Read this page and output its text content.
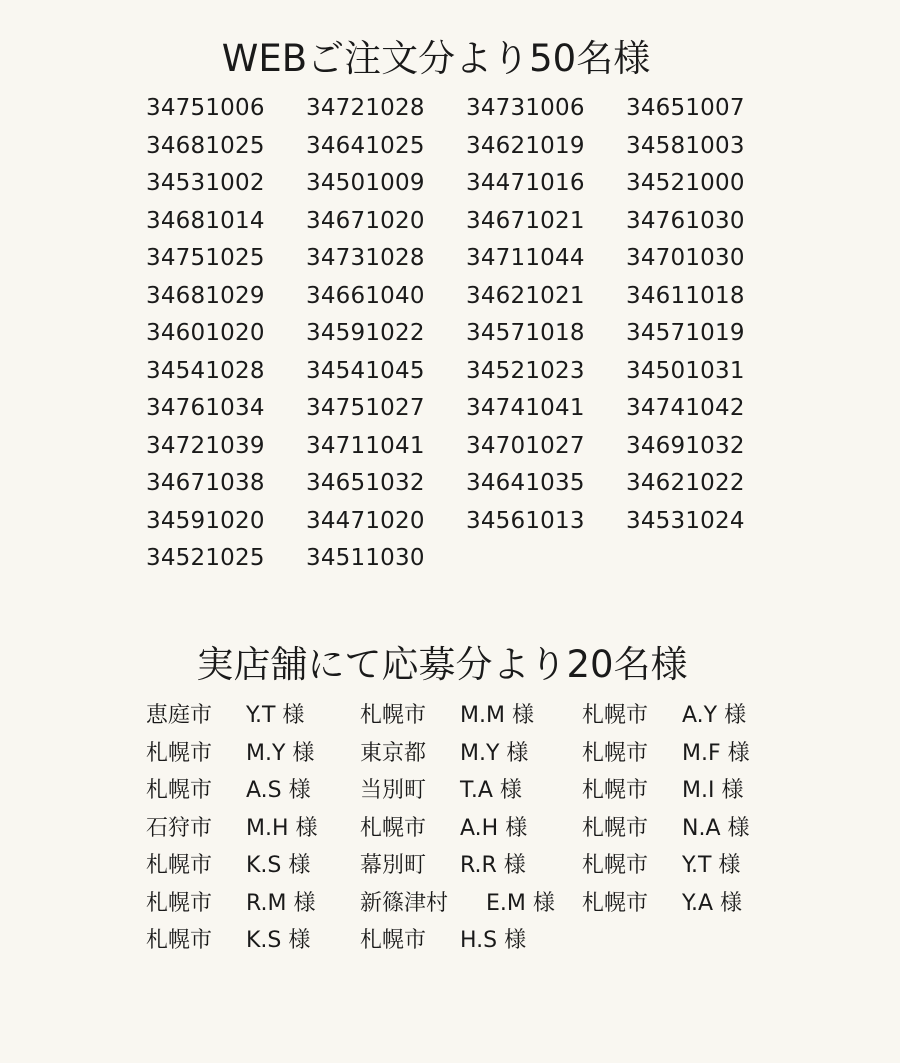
WEBご注文分より50名様
34751006	34721028	34731006	34651007
34681025	34641025	34621019	34581003
34531002	34501009	34471016	34521000
34681014	34671020	34671021	34761030
34751025	34731028	34711044	34701030
34681029	34661040	34621021	34611018
34601020	34591022	34571018	34571019
34541028	34541045	34521023	34501031
34761034	34751027	34741041	34741042
34721039	34711041	34701027	34691032
34671038	34651032	34641035	34621022
34591020	34471020	34561013	34531024
34521025	34511030
実店舗にて応募分より20名様
恵庭市	Y.T 様	札幌市	M.M 様 札幌市	A.Y 様
札幌市	M.Y 様 東京都	M.Y 様 札幌市	M.F 様
札幌市	A.S 様 当別町	T.A 様	札幌市	M.I 様
石狩市	M.H 様 札幌市	A.H 様 札幌市	N.A 様
札幌市	K.S 様 幕別町	R.R 様	札幌市	Y.T 様
札幌市	R.M 様 新篠津村	E.M 様 札幌市	Y.A 様
札幌市	K.S 様 札幌市	H.S 様
